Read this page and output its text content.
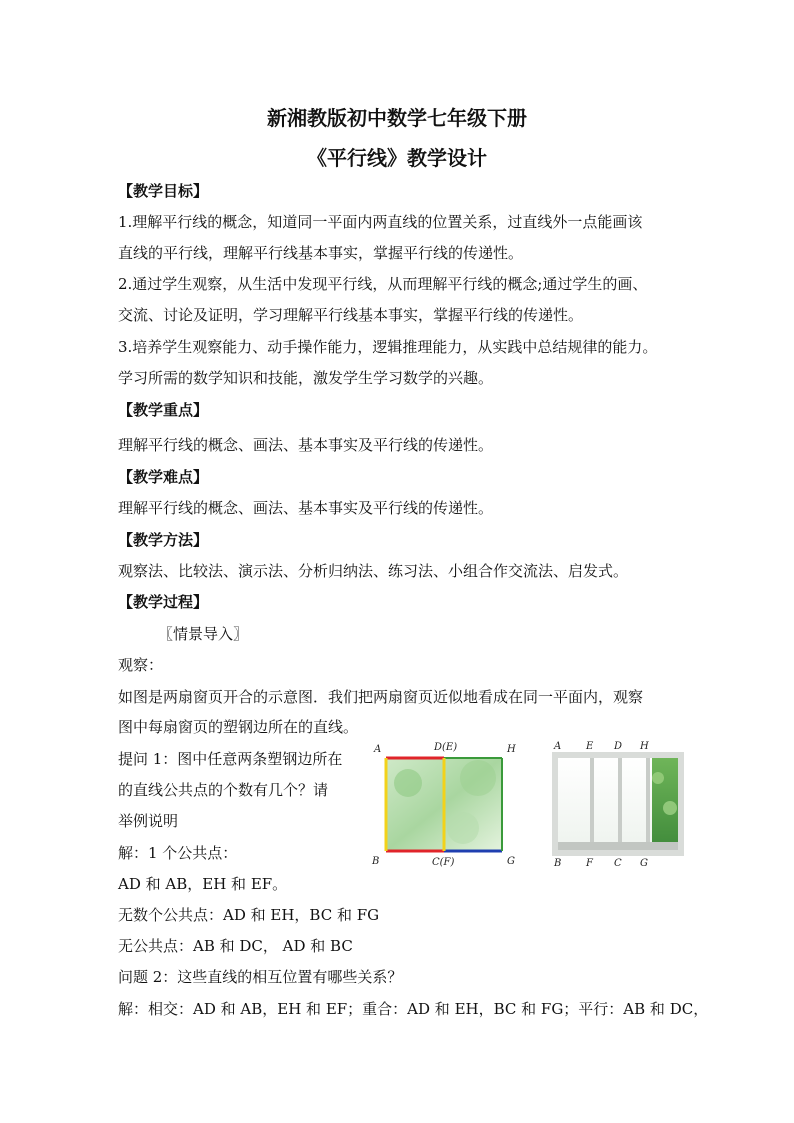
新湘教版初中数学七年级下册
《平行线》教学设计
【教学目标】
1.理解平行线的概念，知道同一平面内两直线的位置关系，过直线外一点能画该
直线的平行线，理解平行线基本事实，掌握平行线的传递性。
2.通过学生观察，从生活中发现平行线，从而理解平行线的概念;通过学生的画、
交流、讨论及证明，学习理解平行线基本事实，掌握平行线的传递性。
3.培养学生观察能力、动手操作能力，逻辑推理能力，从实践中总结规律的能力。
学习所需的数学知识和技能，激发学生学习数学的兴趣。
【教学重点】
理解平行线的概念、画法、基本事实及平行线的传递性。
【教学难点】
理解平行线的概念、画法、基本事实及平行线的传递性。
【教学方法】
观察法、比较法、演示法、分析归纳法、练习法、小组合作交流法、启发式。
【教学过程】
〖情景导入〗
观察：
如图是两扇窗页开合的示意图．我们把两扇窗页近似地看成在同一平面内，观察
图中每扇窗页的塑钢边所在的直线。
提问 1：图中任意两条塑钢边所在
的直线公共点的个数有几个？请
举例说明
解：1 个公共点：
AD 和 AB，EH 和 EF。
无数个公共点：AD 和 EH，BC 和 FG
无公共点：AB 和 DC， AD 和 BC
问题 2：这些直线的相互位置有哪些关系？
解：相交：AD 和 AB，EH 和 EF；重合：AD 和 EH，BC 和 FG；平行：AB 和 DC，
A	D(E)	H
B	C(F)	G
A E D H
B F C G
